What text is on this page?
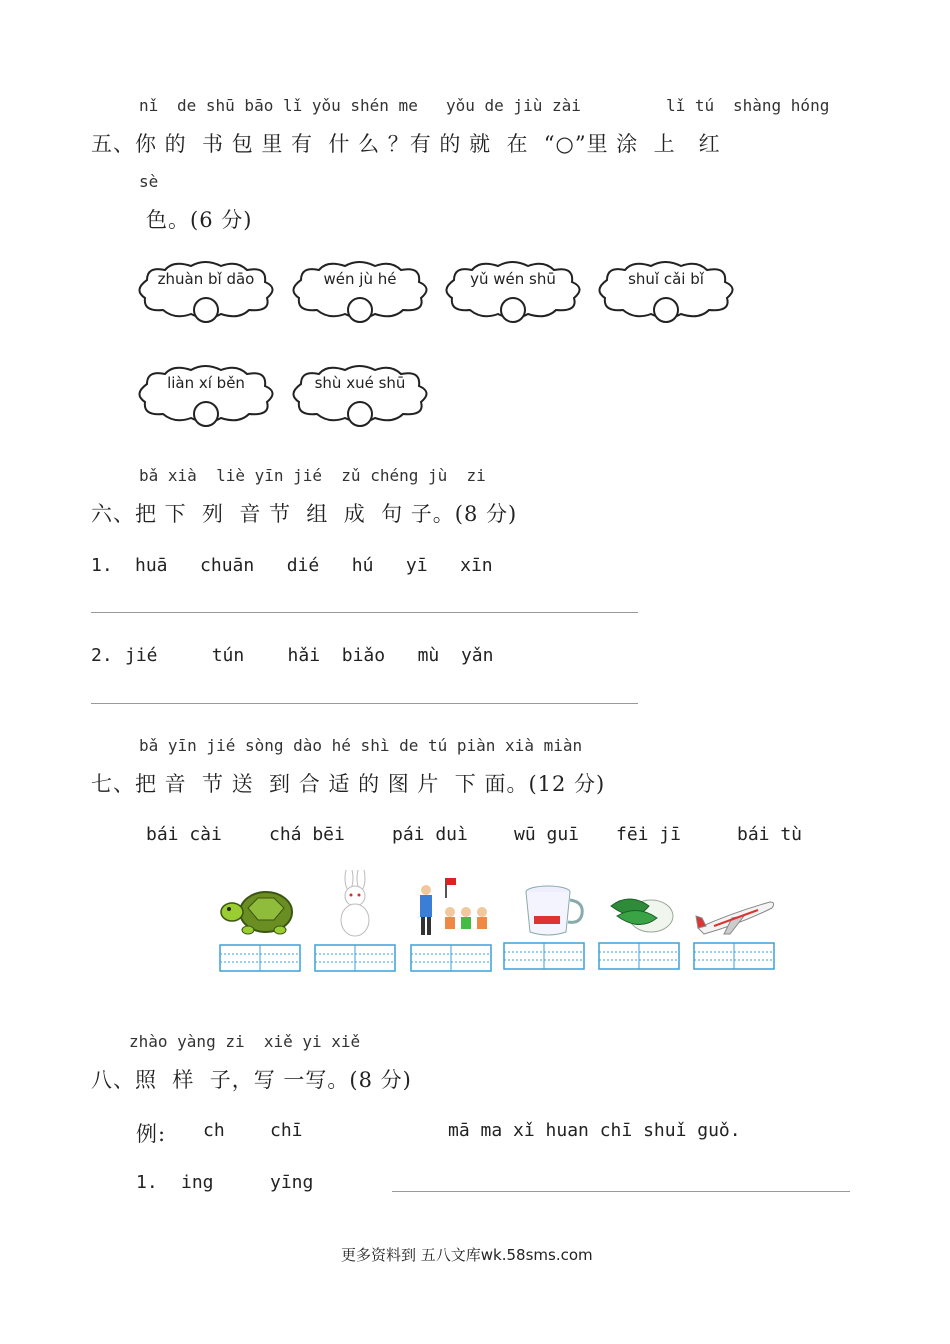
nǐ de shū bāo lǐ yǒu shén me yǒu de jiù zài	lǐ tú shàng hóng
五、你 的  书 包 里 有  什 么 ？有 的 就  在  “○”里 涂  上   红
sè
色。(6 分)
zhuàn bǐ dāo	wén jù hé	yǔ wén shū	shuǐ cǎi bǐ
liàn xí běn	shù xué shū
bǎ xià  liè yīn jié  zǔ chéng jù  zi
六、把 下  列  音 节  组  成  句 子。(8 分)
1. huā   chuān   dié   hú   yī   xīn
2. jié     tún    hǎi  biǎo   mù  yǎn
bǎ yīn jié sòng dào hé shì de tú piàn xià miàn
七、把 音  节 送  到 合 适 的 图 片  下 面。(12 分)
bái cài	chá bēi	pái duì	wū guī fēi jī	bái tù
zhào yàng zi  xiě yi xiě
八、照  样  子，写 一写。(8 分)
例: ch	chī	mā ma xǐ huan chī shuǐ guǒ.
1. ing	yīng
更多资料到 五八文库wk.58sms.com
